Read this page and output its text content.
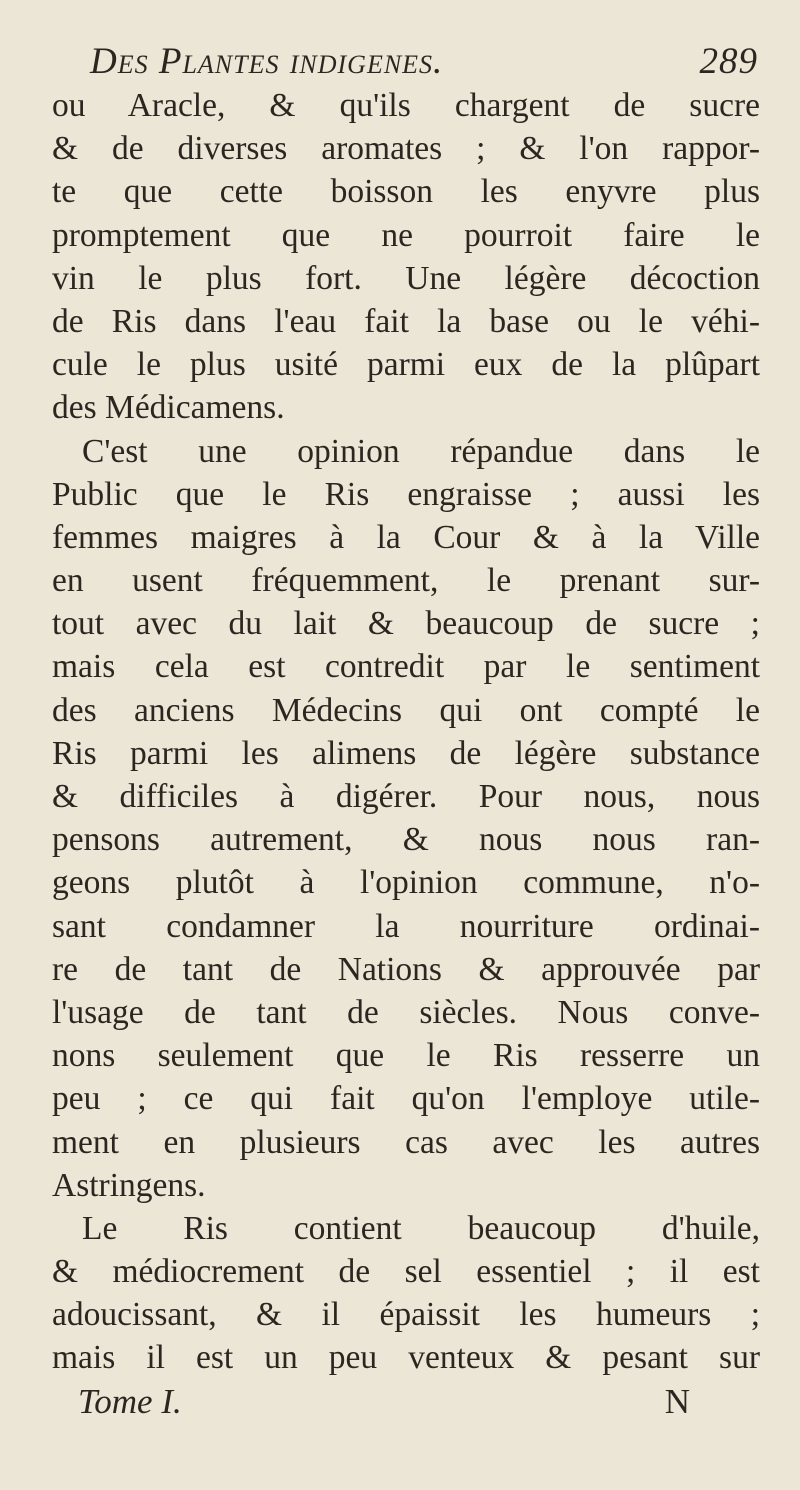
Des Plantes indigenes.	289
ou Aracle, & qu'ils chargent de sucre
& de diverses aromates ; & l'on rappor-
te que cette boisson les enyvre plus
promptement que ne pourroit faire le
vin le plus fort. Une légère décoction
de Ris dans l'eau fait la base ou le véhi-
cule le plus usité parmi eux de la plûpart
des Médicamens.
C'est une opinion répandue dans le
Public que le Ris engraisse ; aussi les
femmes maigres à la Cour & à la Ville
en usent fréquemment, le prenant sur-
tout avec du lait & beaucoup de sucre ;
mais cela est contredit par le sentiment
des anciens Médecins qui ont compté le
Ris parmi les alimens de légère substance
& difficiles à digérer. Pour nous, nous
pensons autrement, & nous nous ran-
geons plutôt à l'opinion commune, n'o-
sant condamner la nourriture ordinai-
re de tant de Nations & approuvée par
l'usage de tant de siècles. Nous conve-
nons seulement que le Ris resserre un
peu ; ce qui fait qu'on l'employe utile-
ment en plusieurs cas avec les autres
Astringens.
Le Ris contient beaucoup d'huile,
& médiocrement de sel essentiel ; il est
adoucissant, & il épaissit les humeurs ;
mais il est un peu venteux & pesant sur
Tome I.	N
